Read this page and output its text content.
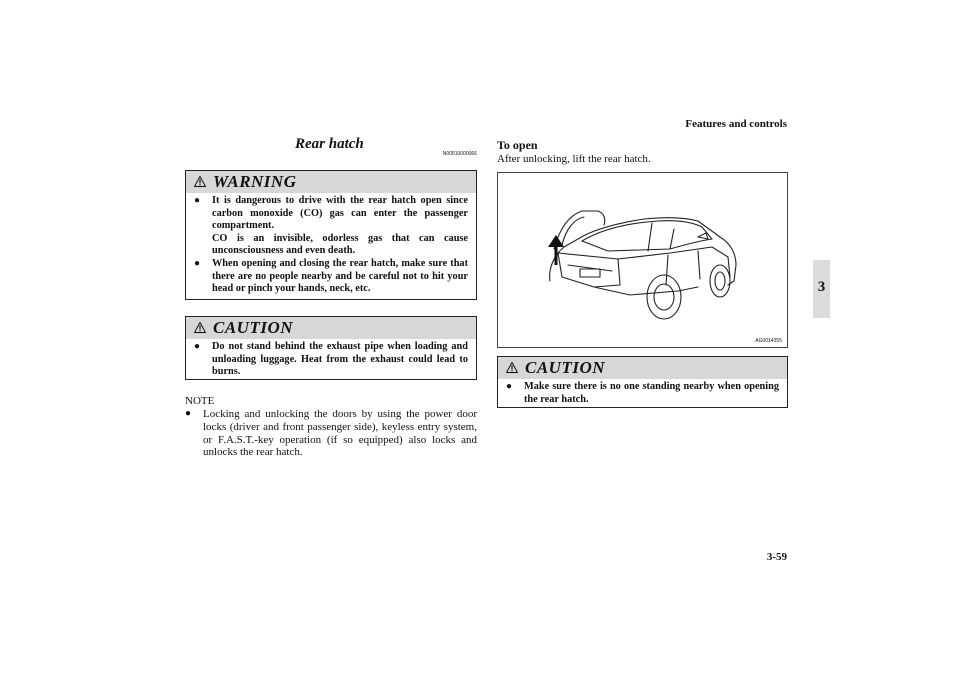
Features and controls
3
Rear hatch
N00510000066
WARNING
●	It is dangerous to drive with the rear hatch open since carbon monoxide (CO) gas can enter the passenger compartment.
CO is an invisible, odorless gas that can cause unconsciousness and even death.
●	When opening and closing the rear hatch, make sure that there are no people nearby and be careful not to hit your head or pinch your hands, neck, etc.
CAUTION
●	Do not stand behind the exhaust pipe when loading and unloading luggage. Heat from the exhaust could lead to burns.
NOTE
●	Locking and unlocking the doors by using the power door locks (driver and front passenger side), keyless entry system, or F.A.S.T.-key operation (if so equipped) also locks and unlocks the rear hatch.
To open
After unlocking, lift the rear hatch.
AG0014355
CAUTION
●	Make sure there is no one standing nearby when opening the rear hatch.
3-59
